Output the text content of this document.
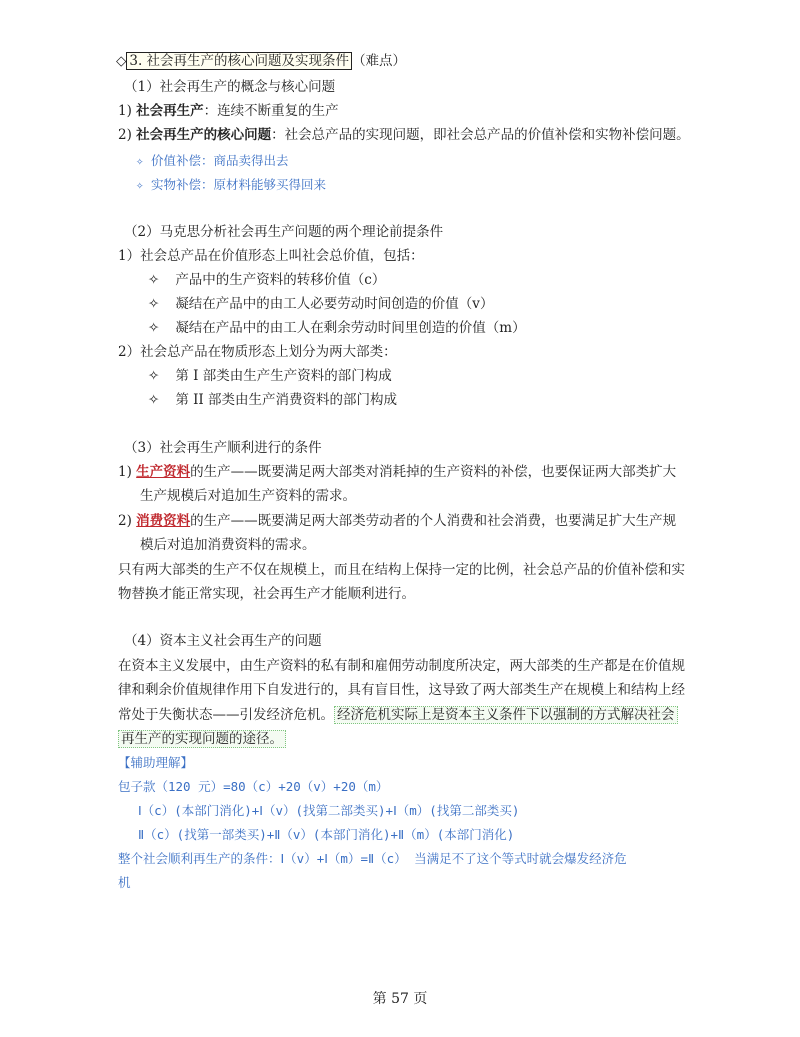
◇ 3. 社会再生产的核心问题及实现条件 （难点）
（1）社会再生产的概念与核心问题
1) 社会再生产：连续不断重复的生产
2) 社会再生产的核心问题：社会总产品的实现问题，即社会总产品的价值补偿和实物补偿问题。
✧ 价值补偿：商品卖得出去
✧ 实物补偿：原材料能够买得回来
（2）马克思分析社会再生产问题的两个理论前提条件
1）社会总产品在价值形态上叫社会总价值，包括：
✧ 产品中的生产资料的转移价值（c）
✧ 凝结在产品中的由工人必要劳动时间创造的价值（v）
✧ 凝结在产品中的由工人在剩余劳动时间里创造的价值（m）
2）社会总产品在物质形态上划分为两大部类：
✧ 第 I 部类由生产生产资料的部门构成
✧ 第 II 部类由生产消费资料的部门构成
（3）社会再生产顺利进行的条件
1) 生产资料的生产——既要满足两大部类对消耗掉的生产资料的补偿，也要保证两大部类扩大
生产规模后对追加生产资料的需求。
2) 消费资料的生产——既要满足两大部类劳动者的个人消费和社会消费，也要满足扩大生产规
模后对追加消费资料的需求。
只有两大部类的生产不仅在规模上，而且在结构上保持一定的比例，社会总产品的价值补偿和实
物替换才能正常实现，社会再生产才能顺利进行。
（4）资本主义社会再生产的问题
在资本主义发展中，由生产资料的私有制和雇佣劳动制度所决定，两大部类的生产都是在价值规
律和剩余价值规律作用下自发进行的，具有盲目性，这导致了两大部类生产在规模上和结构上经
常处于失衡状态——引发经济危机。 经济危机实际上是资本主义条件下以强制的方式解决社会
再生产的实现问题的途径。
【辅助理解】
包子款（120 元）=80（c）+20（v）+20（m）
Ⅰ（c）(本部门消化)+Ⅰ（v）(找第二部类买)+Ⅰ（m）(找第二部类买)
Ⅱ（c）(找第一部类买)+Ⅱ（v）(本部门消化)+Ⅱ（m）(本部门消化)
整个社会顺利再生产的条件：Ⅰ（v）+Ⅰ（m）=Ⅱ（c） 当满足不了这个等式时就会爆发经济危
机
第 57 页
